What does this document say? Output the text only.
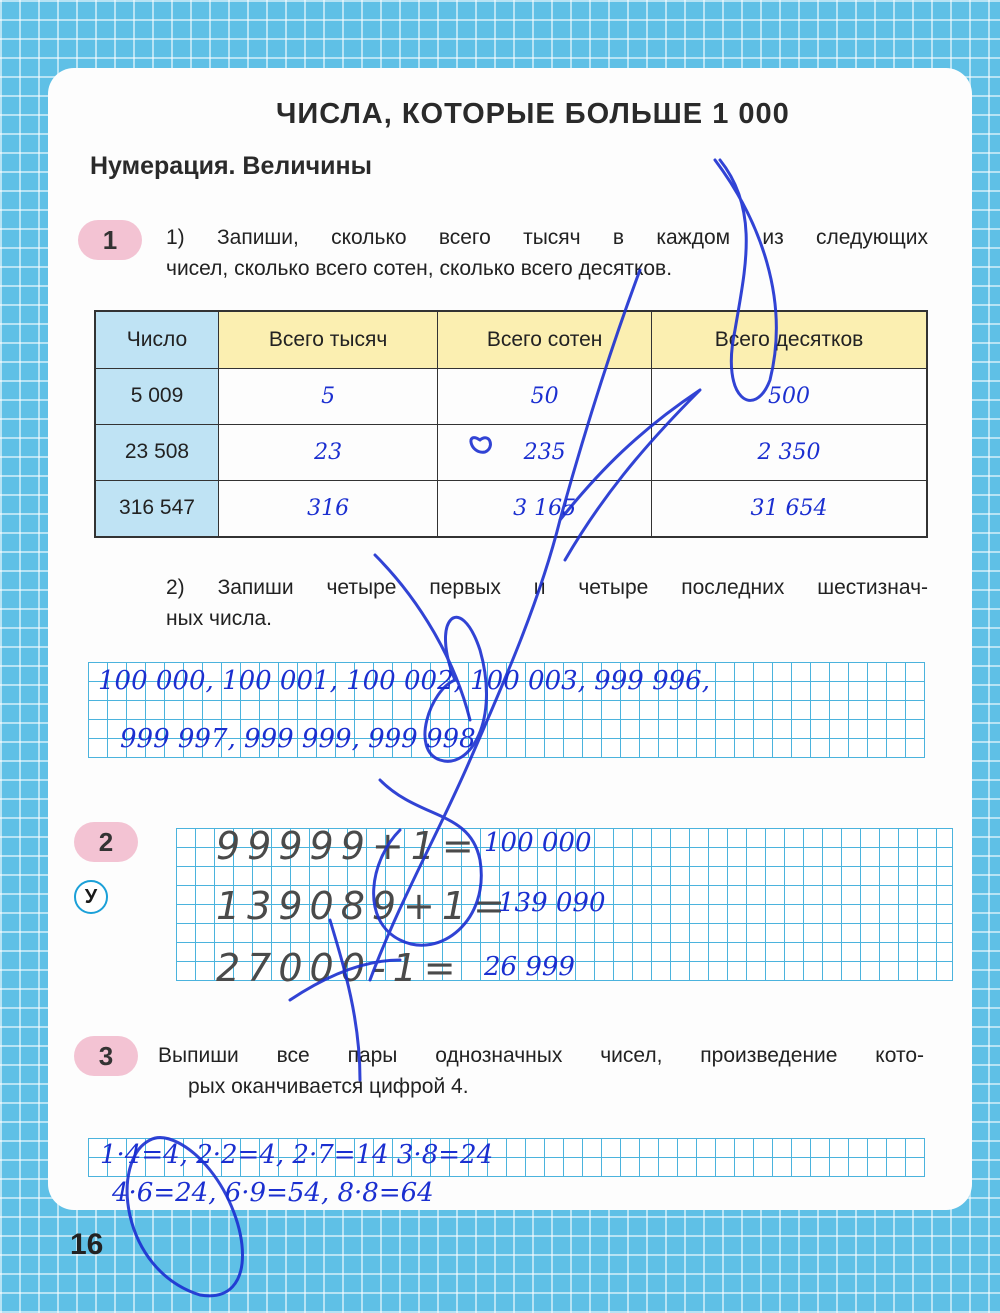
ЧИСЛА, КОТОРЫЕ БОЛЬШЕ 1 000
Нумерация. Величины
1	1) Запиши, сколько всего тысяч в каждом из следующих
чисел, сколько всего сотен, сколько всего десятков.
Число	Всего тысяч	Всего сотен	Всего десятков
5 009	5	50	500
23 508	23	235	2 350
316 547	316	3 165	31 654
2) Запиши четыре первых и четыре последних шестизнач-
ных числа.
100 000, 100 001, 100 002, 100 003, 999 996,
999 997, 999 999, 999 998
2
У
99999+1= 100 000
139089+1=
139 090
27000-1= 26 999
3	Выпиши все пары однозначных чисел, произведение кото-
рых оканчивается цифрой 4.
1·4=4, 2·2=4, 2·7=14 3·8=24
4·6=24, 6·9=54, 8·8=64
16
